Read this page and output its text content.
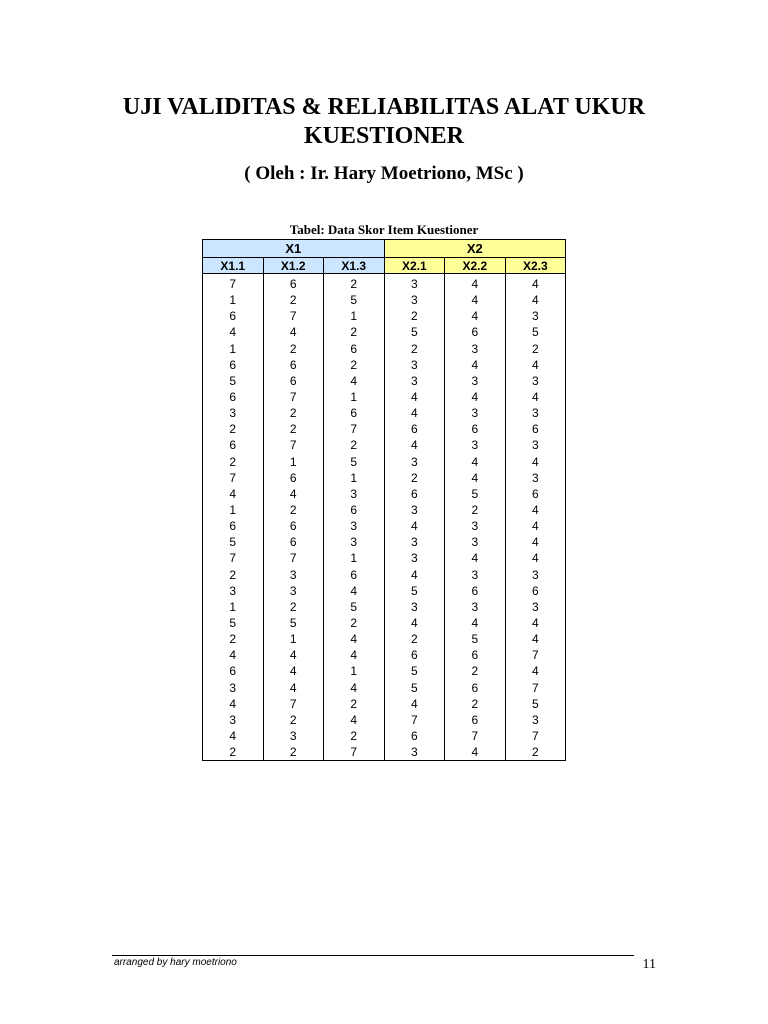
UJI VALIDITAS & RELIABILITAS ALAT UKUR
KUESTIONER
( Oleh : Ir. Hary Moetriono, MSc )
Tabel: Data Skor Item Kuestioner
X1			X2		
X1.1	X1.2	X1.3	X2.1	X2.2	X2.3
7	6	2	3	4	4
1	2	5	3	4	4
6	7	1	2	4	3
4	4	2	5	6	5
1	2	6	2	3	2
6	6	2	3	4	4
5	6	4	3	3	3
6	7	1	4	4	4
3	2	6	4	3	3
2	2	7	6	6	6
6	7	2	4	3	3
2	1	5	3	4	4
7	6	1	2	4	3
4	4	3	6	5	6
1	2	6	3	2	4
6	6	3	4	3	4
5	6	3	3	3	4
7	7	1	3	4	4
2	3	6	4	3	3
3	3	4	5	6	6
1	2	5	3	3	3
5	5	2	4	4	4
2	1	4	2	5	4
4	4	4	6	6	7
6	4	1	5	2	4
3	4	4	5	6	7
4	7	2	4	2	5
3	2	4	7	6	3
4	3	2	6	7	7
2	2	7	3	4	2
arranged by hary moetriono	11
